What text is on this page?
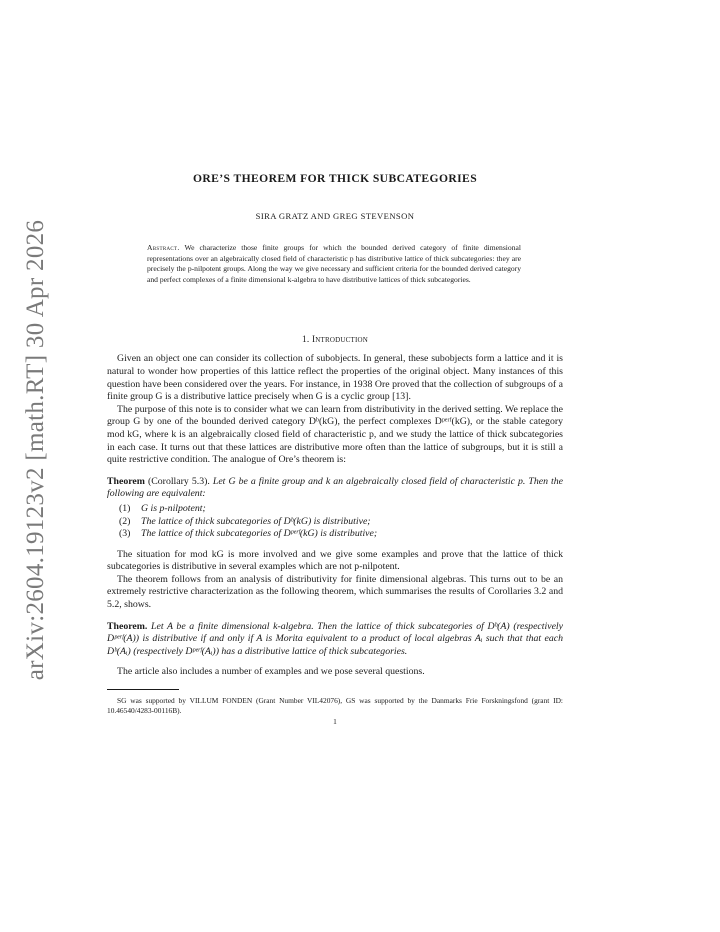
arXiv:2604.19123v2 [math.RT] 30 Apr 2026
ORE’S THEOREM FOR THICK SUBCATEGORIES
SIRA GRATZ AND GREG STEVENSON
Abstract. We characterize those finite groups for which the bounded derived category of finite dimensional representations over an algebraically closed field of characteristic p has distributive lattice of thick subcategories: they are precisely the p-nilpotent groups. Along the way we give necessary and sufficient criteria for the bounded derived category and perfect complexes of a finite dimensional k-algebra to have distributive lattices of thick subcategories.
1. Introduction

Given an object one can consider its collection of subobjects. In general, these subobjects form a lattice and it is natural to wonder how properties of this lattice reflect the properties of the original object. Many instances of this question have been considered over the years. For instance, in 1938 Ore proved that the collection of subgroups of a finite group G is a distributive lattice precisely when G is a cyclic group [13].

The purpose of this note is to consider what we can learn from distributivity in the derived setting. We replace the group G by one of the bounded derived category Dᵇ(kG), the perfect complexes Dᵖᵉʳᶠ(kG), or the stable category mod kG, where k is an algebraically closed field of characteristic p, and we study the lattice of thick subcategories in each case. It turns out that these lattices are distributive more often than the lattice of subgroups, but it is still a quite restrictive condition. The analogue of Ore’s theorem is:

Theorem (Corollary 5.3). Let G be a finite group and k an algebraically closed field of characteristic p. Then the following are equivalent:
(1) G is p-nilpotent;
(2) The lattice of thick subcategories of Dᵇ(kG) is distributive;
(3) The lattice of thick subcategories of Dᵖᵉʳᶠ(kG) is distributive;

The situation for mod kG is more involved and we give some examples and prove that the lattice of thick subcategories is distributive in several examples which are not p-nilpotent.

The theorem follows from an analysis of distributivity for finite dimensional algebras. This turns out to be an extremely restrictive characterization as the following theorem, which summarises the results of Corollaries 3.2 and 5.2, shows.

Theorem. Let A be a finite dimensional k-algebra. Then the lattice of thick subcategories of Dᵇ(A) (respectively Dᵖᵉʳᶠ(A)) is distributive if and only if A is Morita equivalent to a product of local algebras Aᵢ such that that each Dᵇ(Aᵢ) (respectively Dᵖᵉʳᶠ(Aᵢ)) has a distributive lattice of thick subcategories.

The article also includes a number of examples and we pose several questions.

SG was supported by VILLUM FONDEN (Grant Number VIL42076), GS was supported by the Danmarks Frie Forskningsfond (grant ID: 10.46540/4283-00116B).
1
